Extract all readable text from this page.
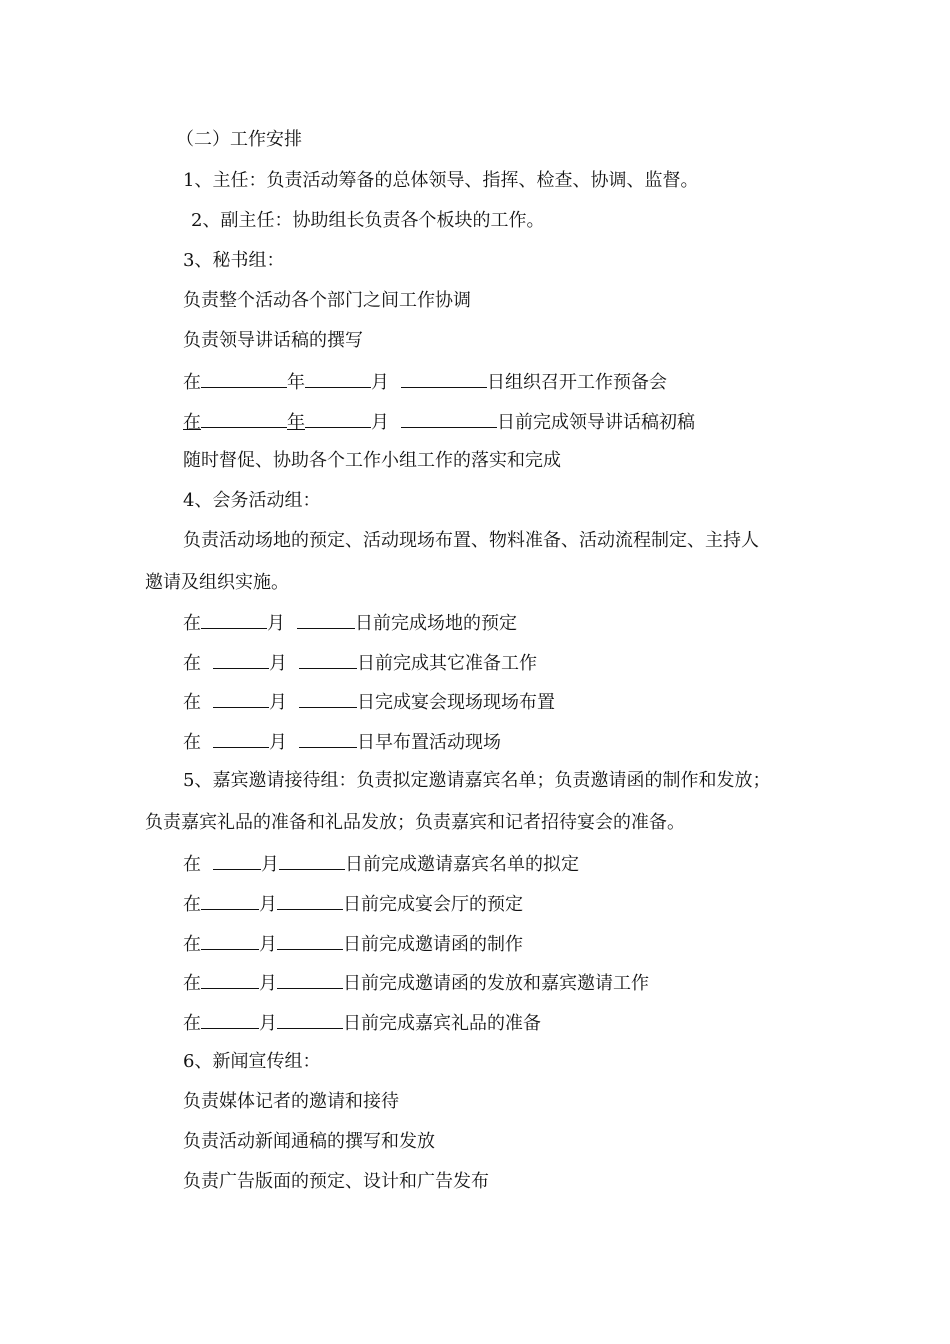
（二）工作安排
1、主任：负责活动筹备的总体领导、指挥、检查、协调、监督。
2、副主任：协助组长负责各个板块的工作。
3、秘书组：
负责整个活动各个部门之间工作协调
负责领导讲话稿的撰写
在	年	月	日组织召开工作预备会
在	年	月	日前完成领导讲话稿初稿
随时督促、协助各个工作小组工作的落实和完成
4、会务活动组：
负责活动场地的预定、活动现场布置、物料准备、活动流程制定、主持人
邀请及组织实施。
在	月	日前完成场地的预定
在	月	日前完成其它准备工作
在	月	日完成宴会现场现场布置
在	月	日早布置活动现场
5、嘉宾邀请接待组：负责拟定邀请嘉宾名单；负责邀请函的制作和发放；
负责嘉宾礼品的准备和礼品发放；负责嘉宾和记者招待宴会的准备。
在	月	日前完成邀请嘉宾名单的拟定
在	月	日前完成宴会厅的预定
在	月	日前完成邀请函的制作
在	月	日前完成邀请函的发放和嘉宾邀请工作
在	月	日前完成嘉宾礼品的准备
6、新闻宣传组：
负责媒体记者的邀请和接待
负责活动新闻通稿的撰写和发放
负责广告版面的预定、设计和广告发布
